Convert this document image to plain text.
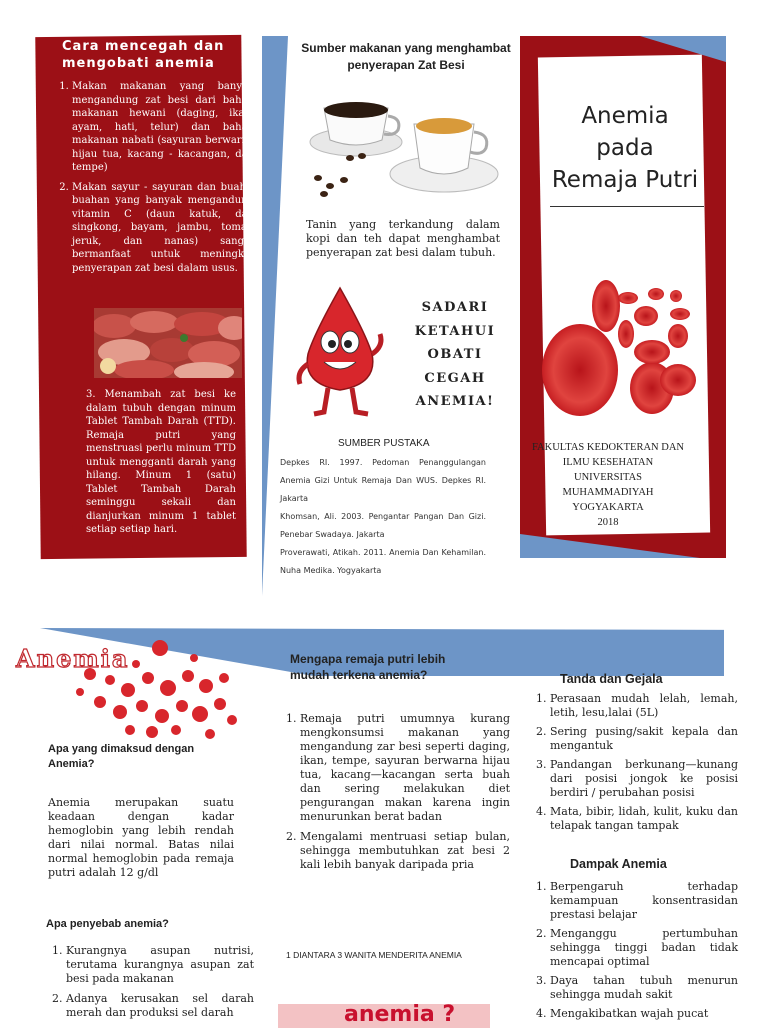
Cara mencegah dan mengobati anemia
1. Makan makanan yang banyak mengandung zat besi dari bahan makanan hewani (daging, ikan, ayam, hati, telur) dan bahan makanan nabati (sayuran berwarna hijau tua, kacang - kacangan, dan tempe)
2. Makan sayur - sayuran dan buah - buahan yang banyak mengandung vitamin C (daun katuk, dan singkong, bayam, jambu, tomat, jeruk, dan nanas) sangat bermanfaat untuk meningkat penyerapan zat besi dalam usus.
3. Menambah zat besi ke dalam tubuh dengan minum Tablet Tambah Darah (TTD). Remaja putri yang menstruasi perlu minum TTD untuk mengganti darah yang hilang. Minum 1 (satu) Tablet Tambah Darah seminggu sekali dan dianjurkan minum 1 tablet setiap setiap hari.
Sumber makanan yang menghambat penyerapan Zat Besi
Tanin yang terkandung dalam kopi dan teh dapat menghambat penyerapan zat besi dalam tubuh.
SADARI
KETAHUI
OBATI
CEGAH
ANEMIA!
SUMBER PUSTAKA

Depkes RI. 1997. Pedoman Penanggulangan Anemia Gizi Untuk Remaja Dan WUS. Depkes RI. Jakarta

Khomsan, Ali. 2003. Pengantar Pangan Dan Gizi. Penebar Swadaya. Jakarta

Proverawati, Atikah. 2011. Anemia Dan Kehamilan. Nuha Medika. Yogyakarta

Anemia
pada
Remaja Putri
FAKULTAS KEDOKTERAN DAN
ILMU KESEHATAN
UNIVERSITAS MUHAMMADIYAH
YOGYAKARTA
2018
Anemia
Apa yang dimaksud dengan Anemia?
Anemia merupakan suatu keadaan dengan kadar hemoglobin yang lebih rendah dari nilai normal. Batas nilai normal hemoglobin pada remaja putri adalah 12 g/dl
Apa penyebab anemia?
1. Kurangnya asupan nutrisi, terutama kurangnya asupan zat besi pada makanan
2. Adanya kerusakan sel darah merah dan produksi sel darah
Mengapa remaja putri lebih mudah terkena anemia?
1. Remaja putri umumnya kurang mengkonsumsi makanan yang mengandung zar besi seperti daging, ikan, tempe, sayuran berwarna hijau tua, kacang—kacangan serta buah dan sering melakukan diet pengurangan makan karena ingin menurunkan berat badan
2. Mengalami mentruasi setiap bulan, sehingga membutuhkan zat besi 2 kali lebih banyak daripada pria
1 DIANTARA 3 WANITA MENDERITA ANEMIA
anemia ?
Tanda dan Gejala
1. Perasaan mudah lelah, lemah, letih, lesu,lalai (5L)
2. Sering pusing/sakit kepala dan mengantuk
3. Pandangan berkunang—kunang dari posisi jongok ke posisi berdiri / perubahan posisi
4. Mata, bibir, lidah, kulit, kuku dan telapak tangan tampak
Dampak Anemia
1. Berpengaruh terhadap kemampuan konsentrasidan prestasi belajar
2. Menganggu pertumbuhan sehingga tinggi badan tidak mencapai optimal
3. Daya tahan tubuh menurun sehingga mudah sakit
4. Mengakibatkan wajah pucat
